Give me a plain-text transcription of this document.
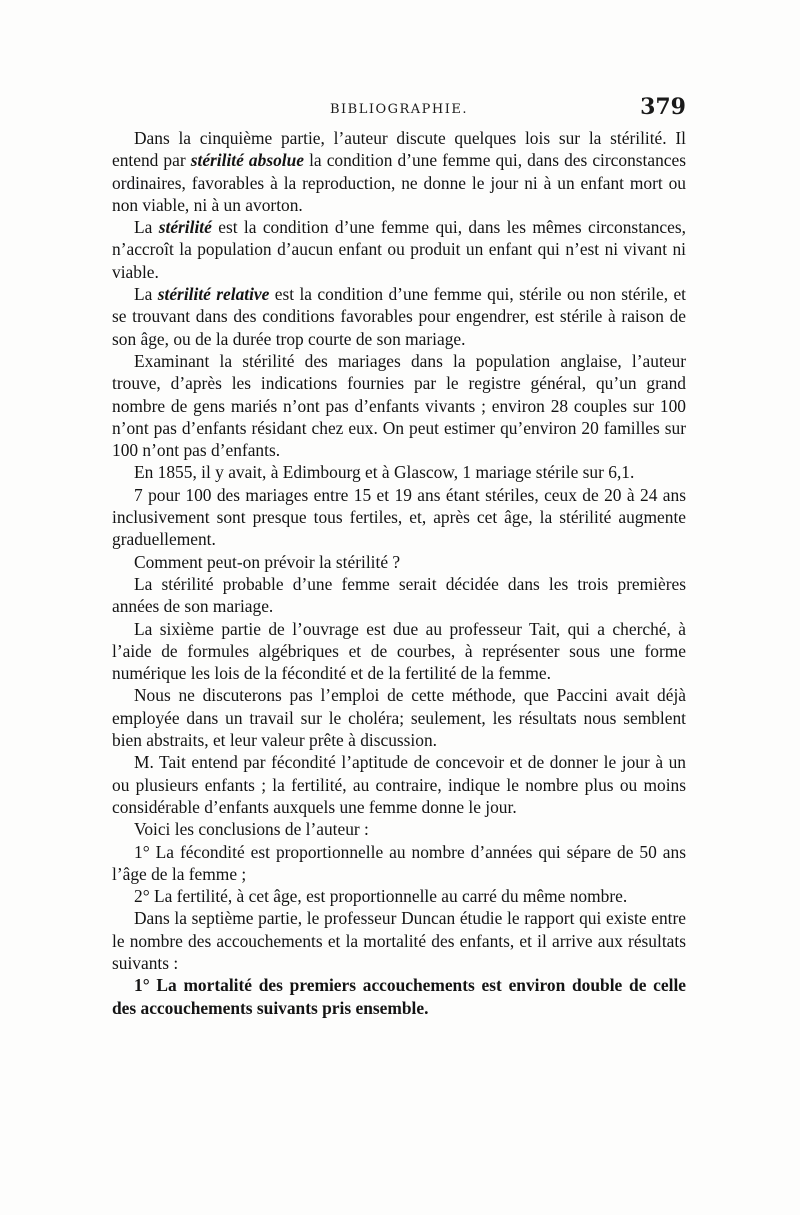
BIBLIOGRAPHIE.	379

Dans la cinquième partie, l’auteur discute quelques lois sur la stérilité. Il entend par stérilité absolue la condition d’une femme qui, dans des circonstances ordinaires, favorables à la reproduction, ne donne le jour ni à un enfant mort ou non viable, ni à un avorton.

La stérilité est la condition d’une femme qui, dans les mêmes circonstances, n’accroît la population d’aucun enfant ou produit un enfant qui n’est ni vivant ni viable.

La stérilité relative est la condition d’une femme qui, stérile ou non stérile, et se trouvant dans des conditions favorables pour engendrer, est stérile à raison de son âge, ou de la durée trop courte de son mariage.

Examinant la stérilité des mariages dans la population anglaise, l’auteur trouve, d’après les indications fournies par le registre général, qu’un grand nombre de gens mariés n’ont pas d’enfants vivants ; environ 28 couples sur 100 n’ont pas d’enfants résidant chez eux. On peut estimer qu’environ 20 familles sur 100 n’ont pas d’enfants.

En 1855, il y avait, à Edimbourg et à Glascow, 1 mariage stérile sur 6,1.

7 pour 100 des mariages entre 15 et 19 ans étant stériles, ceux de 20 à 24 ans inclusivement sont presque tous fertiles, et, après cet âge, la stérilité augmente graduellement.

Comment peut-on prévoir la stérilité ?

La stérilité probable d’une femme serait décidée dans les trois premières années de son mariage.

La sixième partie de l’ouvrage est due au professeur Tait, qui a cherché, à l’aide de formules algébriques et de courbes, à représenter sous une forme numérique les lois de la fécondité et de la fertilité de la femme.

Nous ne discuterons pas l’emploi de cette méthode, que Paccini avait déjà employée dans un travail sur le choléra; seulement, les résultats nous semblent bien abstraits, et leur valeur prête à discussion.

M. Tait entend par fécondité l’aptitude de concevoir et de donner le jour à un ou plusieurs enfants ; la fertilité, au contraire, indique le nombre plus ou moins considérable d’enfants auxquels une femme donne le jour.

Voici les conclusions de l’auteur :

1° La fécondité est proportionnelle au nombre d’années qui sépare de 50 ans l’âge de la femme ;

2° La fertilité, à cet âge, est proportionnelle au carré du même nombre.

Dans la septième partie, le professeur Duncan étudie le rapport qui existe entre le nombre des accouchements et la mortalité des enfants, et il arrive aux résultats suivants :

1° La mortalité des premiers accouchements est environ double de celle des accouchements suivants pris ensemble.
